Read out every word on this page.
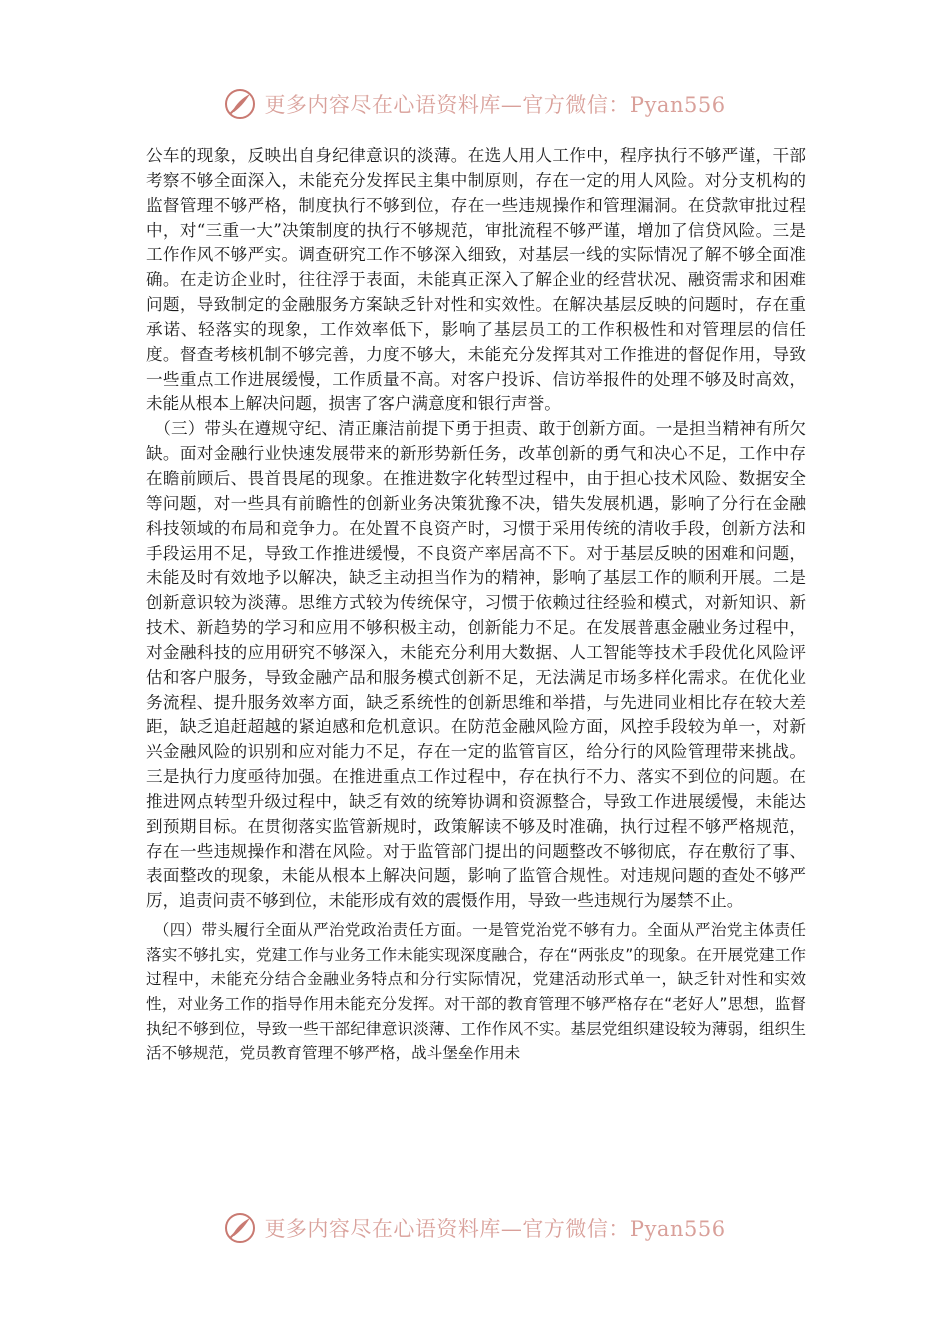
更多内容尽在心语资料库—官方微信：Pyan556

公车的现象，反映出自身纪律意识的淡薄。在选人用人工作中，程序执行不够严谨，干部考察不够全面深入，未能充分发挥民主集中制原则，存在一定的用人风险。对分支机构的监督管理不够严格，制度执行不够到位，存在一些违规操作和管理漏洞。在贷款审批过程中，对“三重一大”决策制度的执行不够规范，审批流程不够严谨，增加了信贷风险。三是工作作风不够严实。调查研究工作不够深入细致，对基层一线的实际情况了解不够全面准确。在走访企业时，往往浮于表面，未能真正深入了解企业的经营状况、融资需求和困难问题，导致制定的金融服务方案缺乏针对性和实效性。在解决基层反映的问题时，存在重承诺、轻落实的现象，工作效率低下，影响了基层员工的工作积极性和对管理层的信任度。督查考核机制不够完善，力度不够大，未能充分发挥其对工作推进的督促作用，导致一些重点工作进展缓慢，工作质量不高。对客户投诉、信访举报件的处理不够及时高效，未能从根本上解决问题，损害了客户满意度和银行声誉。

（三）带头在遵规守纪、清正廉洁前提下勇于担责、敢于创新方面。一是担当精神有所欠缺。面对金融行业快速发展带来的新形势新任务，改革创新的勇气和决心不足，工作中存在瞻前顾后、畏首畏尾的现象。在推进数字化转型过程中，由于担心技术风险、数据安全等问题，对一些具有前瞻性的创新业务决策犹豫不决，错失发展机遇，影响了分行在金融科技领域的布局和竞争力。在处置不良资产时，习惯于采用传统的清收手段，创新方法和手段运用不足，导致工作推进缓慢，不良资产率居高不下。对于基层反映的困难和问题，未能及时有效地予以解决，缺乏主动担当作为的精神，影响了基层工作的顺利开展。二是创新意识较为淡薄。思维方式较为传统保守，习惯于依赖过往经验和模式，对新知识、新技术、新趋势的学习和应用不够积极主动，创新能力不足。在发展普惠金融业务过程中，对金融科技的应用研究不够深入，未能充分利用大数据、人工智能等技术手段优化风险评估和客户服务，导致金融产品和服务模式创新不足，无法满足市场多样化需求。在优化业务流程、提升服务效率方面，缺乏系统性的创新思维和举措，与先进同业相比存在较大差距，缺乏追赶超越的紧迫感和危机意识。在防范金融风险方面，风控手段较为单一，对新兴金融风险的识别和应对能力不足，存在一定的监管盲区，给分行的风险管理带来挑战。三是执行力度亟待加强。在推进重点工作过程中，存在执行不力、落实不到位的问题。在推进网点转型升级过程中，缺乏有效的统筹协调和资源整合，导致工作进展缓慢，未能达到预期目标。在贯彻落实监管新规时，政策解读不够及时准确，执行过程不够严格规范，存在一些违规操作和潜在风险。对于监管部门提出的问题整改不够彻底，存在敷衍了事、表面整改的现象，未能从根本上解决问题，影响了监管合规性。对违规问题的查处不够严厉，追责问责不够到位，未能形成有效的震慑作用，导致一些违规行为屡禁不止。

（四）带头履行全面从严治党政治责任方面。一是管党治党不够有力。全面从严治党主体责任落实不够扎实，党建工作与业务工作未能实现深度融合，存在“两张皮”的现象。在开展党建工作过程中，未能充分结合金融业务特点和分行实际情况，党建活动形式单一，缺乏针对性和实效性，对业务工作的指导作用未能充分发挥。对干部的教育管理不够严格存在“老好人”思想，监督执纪不够到位，导致一些干部纪律意识淡薄、工作作风不实。基层党组织建设较为薄弱，组织生活不够规范，党员教育管理不够严格，战斗堡垒作用未

更多内容尽在心语资料库—官方微信：Pyan556
